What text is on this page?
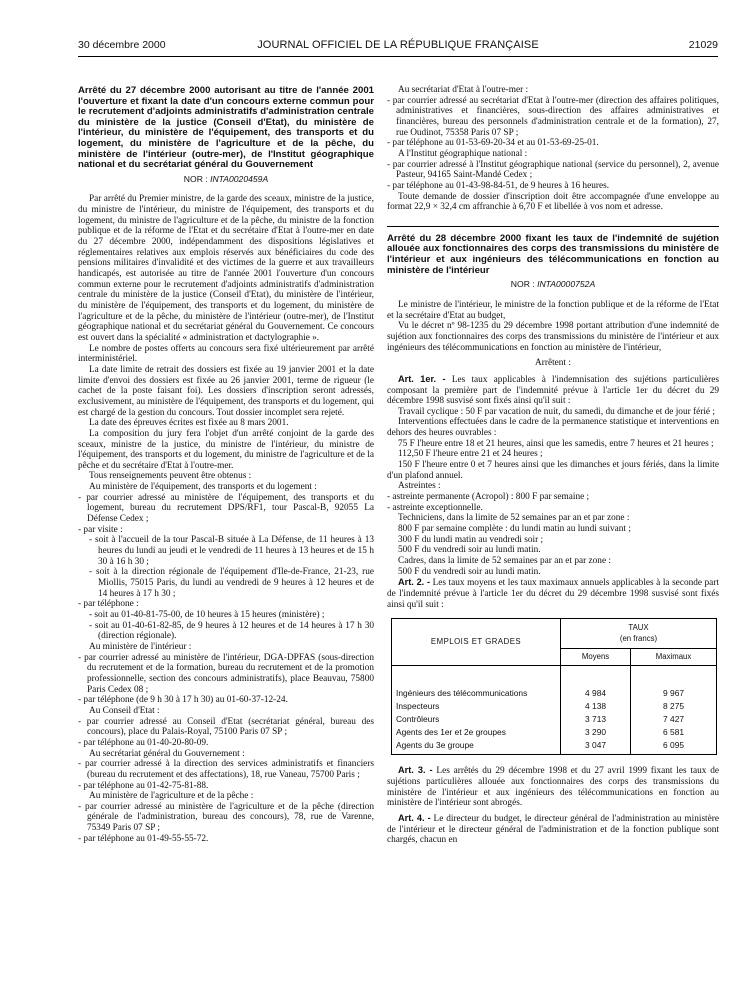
30 décembre 2000	JOURNAL OFFICIEL DE LA RÉPUBLIQUE FRANÇAISE	21029

Arrêté du 27 décembre 2000 autorisant au titre de l'année 2001 l'ouverture et fixant la date d'un concours externe commun pour le recrutement d'adjoints administratifs d'administration centrale du ministère de la justice (Conseil d'Etat), du ministère de l'intérieur, du ministère de l'équipement, des transports et du logement, du ministère de l'agriculture et de la pêche, du ministère de l'intérieur (outre-mer), de l'Institut géographique national et du secrétariat général du Gouvernement

NOR : INTA0020459A

Par arrêté du Premier ministre, de la garde des sceaux, ministre de la justice, du ministre de l'intérieur, du ministre de l'équipement, des transports et du logement, du ministre de l'agriculture et de la pêche, du ministre de la fonction publique et de la réforme de l'Etat et du secrétaire d'Etat à l'outre-mer en date du 27 décembre 2000, indépendamment des dispositions législatives et réglementaires relatives aux emplois réservés aux bénéficiaires du code des pensions militaires d'invalidité et des victimes de la guerre et aux travailleurs handicapés, est autorisée au titre de l'année 2001 l'ouverture d'un concours commun externe pour le recrutement d'adjoints administratifs d'administration centrale du ministère de la justice (Conseil d'Etat), du ministère de l'intérieur, du ministère de l'équipement, des transports et du logement, du ministère de l'agriculture et de la pêche, du ministère de l'intérieur (outre-mer), de l'Institut géographique national et du secrétariat général du Gouvernement. Ce concours est ouvert dans la spécialité « administration et dactylographie ».

Le nombre de postes offerts au concours sera fixé ultérieurement par arrêté interministériel.

La date limite de retrait des dossiers est fixée au 19 janvier 2001 et la date limite d'envoi des dossiers est fixée au 26 janvier 2001, terme de rigueur (le cachet de la poste faisant foi). Les dossiers d'inscription seront adressés, exclusivement, au ministère de l'équipement, des transports et du logement, qui est chargé de la gestion du concours. Tout dossier incomplet sera rejeté.

La date des épreuves écrites est fixée au 8 mars 2001.

La composition du jury fera l'objet d'un arrêté conjoint de la garde des sceaux, ministre de la justice, du ministre de l'intérieur, du ministre de l'équipement, des transports et du logement, du ministre de l'agriculture et de la pêche et du secrétaire d'Etat à l'outre-mer.

Tous renseignements peuvent être obtenus :

Au ministère de l'équipement, des transports et du logement :

- par courrier adressé au ministère de l'équipement, des transports et du logement, bureau du recrutement DPS/RF1, tour Pascal-B, 92055 La Défense Cedex ;

- par visite :

- soit à l'accueil de la tour Pascal-B située à La Défense, de 11 heures à 13 heures du lundi au jeudi et le vendredi de 11 heures à 13 heures et de 15 h 30 à 16 h 30 ;

- soit à la direction régionale de l'équipement d'Ile-de-France, 21-23, rue Miollis, 75015 Paris, du lundi au vendredi de 9 heures à 12 heures et de 14 heures à 17 h 30 ;

- par téléphone :

- soit au 01-40-81-75-00, de 10 heures à 15 heures (ministère) ;

- soit au 01-40-61-82-85, de 9 heures à 12 heures et de 14 heures à 17 h 30 (direction régionale).

Au ministère de l'intérieur :

- par courrier adressé au ministère de l'intérieur, DGA-DPFAS (sous-direction du recrutement et de la formation, bureau du recrutement et de la promotion professionnelle, section des concours administratifs), place Beauvau, 75800 Paris Cedex 08 ;

- par téléphone (de 9 h 30 à 17 h 30) au 01-60-37-12-24.

Au Conseil d'Etat :

- par courrier adressé au Conseil d'Etat (secrétariat général, bureau des concours), place du Palais-Royal, 75100 Paris 07 SP ;

- par téléphone au 01-40-20-80-09.

Au secrétariat général du Gouvernement :

- par courrier adressé à la direction des services administratifs et financiers (bureau du recrutement et des affectations), 18, rue Vaneau, 75700 Paris ;

- par téléphone au 01-42-75-81-88.

Au ministère de l'agriculture et de la pêche :

- par courrier adressé au ministère de l'agriculture et de la pêche (direction générale de l'administration, bureau des concours), 78, rue de Varenne, 75349 Paris 07 SP ;

- par téléphone au 01-49-55-55-72.

Au secrétariat d'Etat à l'outre-mer :

- par courrier adressé au secrétariat d'Etat à l'outre-mer (direction des affaires politiques, administratives et financières, sous-direction des affaires administratives et financières, bureau des personnels d'administration centrale et de la formation), 27, rue Oudinot, 75358 Paris 07 SP ;

- par téléphone au 01-53-69-20-34 et au 01-53-69-25-01.

A l'Institut géographique national :

- par courrier adressé à l'Institut géographique national (service du personnel), 2, avenue Pasteur, 94165 Saint-Mandé Cedex ;

- par téléphone au 01-43-98-84-51, de 9 heures à 16 heures.

Toute demande de dossier d'inscription doit être accompagnée d'une enveloppe au format 22,9 × 32,4 cm affranchie à 6,70 F et libellée à vos nom et adresse.

Arrêté du 28 décembre 2000 fixant les taux de l'indemnité de sujétion allouée aux fonctionnaires des corps des transmissions du ministère de l'intérieur et aux ingénieurs des télécommunications en fonction au ministère de l'intérieur

NOR : INTA0000752A

Le ministre de l'intérieur, le ministre de la fonction publique et de la réforme de l'Etat et la secrétaire d'Etat au budget,

Vu le décret nº 98-1235 du 29 décembre 1998 portant attribution d'une indemnité de sujétion aux fonctionnaires des corps des transmissions du ministère de l'intérieur et aux ingénieurs des télécommunications en fonction au ministère de l'intérieur,

Arrêtent :

Art. 1er. - Les taux applicables à l'indemnisation des sujétions particulières composant la première part de l'indemnité prévue à l'article 1er du décret du 29 décembre 1998 susvisé sont fixés ainsi qu'il suit :

Travail cyclique : 50 F par vacation de nuit, du samedi, du dimanche et de jour férié ;

Interventions effectuées dans le cadre de la permanence statistique et interventions en dehors des heures ouvrables :

75 F l'heure entre 18 et 21 heures, ainsi que les samedis, entre 7 heures et 21 heures ;

112,50 F l'heure entre 21 et 24 heures ;

150 F l'heure entre 0 et 7 heures ainsi que les dimanches et jours fériés, dans la limite d'un plafond annuel.

Astreintes :

- astreinte permanente (Acropol) : 800 F par semaine ;

- astreinte exceptionnelle.

Techniciens, dans la limite de 52 semaines par an et par zone :

800 F par semaine complète : du lundi matin au lundi suivant ;

300 F du lundi matin au vendredi soir ;

500 F du vendredi soir au lundi matin.

Cadres, dans la limite de 52 semaines par an et par zone :

500 F du vendredi soir au lundi matin.

Art. 2. - Les taux moyens et les taux maximaux annuels applicables à la seconde part de l'indemnité prévue à l'article 1er du décret du 29 décembre 1998 susvisé sont fixés ainsi qu'il suit :

EMPLOIS ET GRADES	TAUX
(en francs)	

	Moyens	Maximaux
Ingénieurs des télécommunications	4 984	9 967
Inspecteurs	4 138	8 275
Contrôleurs	3 713	7 427
Agents des 1er et 2e groupes	3 290	6 581
Agents du 3e groupe	3 047	6 095

Art. 3. - Les arrêtés du 29 décembre 1998 et du 27 avril 1999 fixant les taux de sujétions particulières allouée aux fonctionnaires des corps des transmissions du ministère de l'intérieur et aux ingénieurs des télécommunications en fonction au ministère de l'intérieur sont abrogés.

Art. 4. - Le directeur du budget, le directeur général de l'administration au ministère de l'intérieur et le directeur général de l'administration et de la fonction publique sont chargés, chacun en
